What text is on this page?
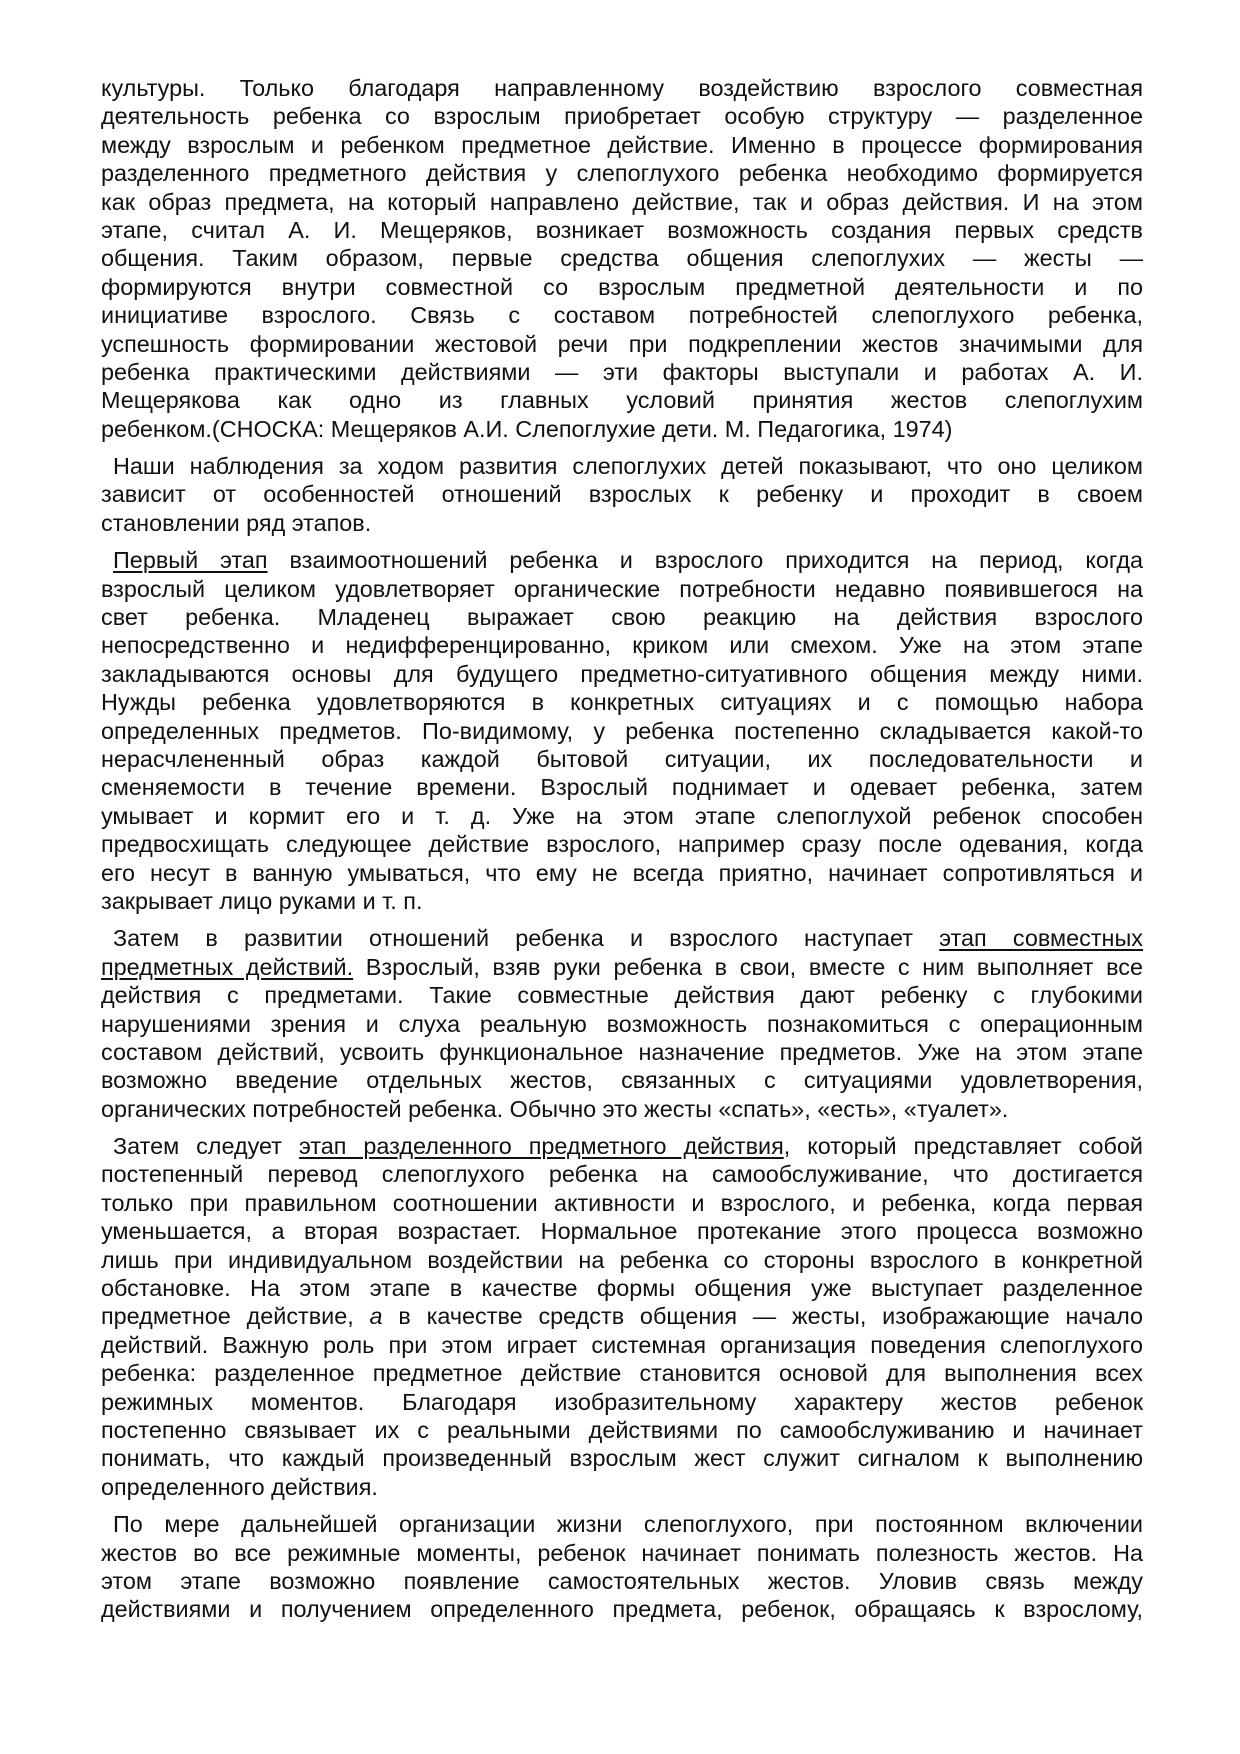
культуры. Только благодаря направленному воздействию взрослого совместная
деятельность ребенка со взрослым приобретает особую структуру — разделенное
между взрослым и ребенком предметное действие. Именно в процессе формирования
разделенного предметного действия у слепоглухого ребенка необходимо формируется
как образ предмета, на который направлено действие, так и образ действия. И на этом
этапе, считал А. И. Мещеряков, возникает возможность создания первых средств
общения. Таким образом, первые средства общения слепоглухих — жесты —
формируются внутри совместной со взрослым предметной деятельности и по
инициативе взрослого. Связь с составом потребностей слепоглухого ребенка,
успешность формировании жестовой речи при подкреплении жестов значимыми для
ребенка практическими действиями — эти факторы выступали и работах А. И.
Мещерякова как одно из главных условий принятия жестов слепоглухим
ребенком.(СНОСКА: Мещеряков А.И. Слепоглухие дети. М. Педагогика, 1974)

Наши наблюдения за ходом развития слепоглухих детей показывают, что оно целиком
зависит от особенностей отношений взрослых к ребенку и проходит в своем
становлении ряд этапов.

Первый этап взаимоотношений ребенка и взрослого приходится на период, когда
взрослый целиком удовлетворяет органические потребности недавно появившегося на
свет ребенка. Младенец выражает свою реакцию на действия взрослого
непосредственно и недифференцированно, криком или смехом. Уже на этом этапе
закладываются основы для будущего предметно-ситуативного общения между ними.
Нужды ребенка удовлетворяются в конкретных ситуациях и с помощью набора
определенных предметов. По-видимому, у ребенка постепенно складывается какой-то
нерасчлененный образ каждой бытовой ситуации, их последовательности и
сменяемости в течение времени. Взрослый поднимает и одевает ребенка, затем
умывает и кормит его и т. д. Уже на этом этапе слепоглухой ребенок способен
предвосхищать следующее действие взрослого, например сразу после одевания, когда
его несут в ванную умываться, что ему не всегда приятно, начинает сопротивляться и
закрывает лицо руками и т. п.

Затем в развитии отношений ребенка и взрослого наступает этап совместных
предметных действий. Взрослый, взяв руки ребенка в свои, вместе с ним выполняет все
действия с предметами. Такие совместные действия дают ребенку с глубокими
нарушениями зрения и слуха реальную возможность познакомиться с операционным
составом действий, усвоить функциональное назначение предметов. Уже на этом этапе
возможно введение отдельных жестов, связанных с ситуациями удовлетворения,
органических потребностей ребенка. Обычно это жесты «спать», «есть», «туалет».

Затем следует этап разделенного предметного действия, который представляет собой
постепенный перевод слепоглухого ребенка на самообслуживание, что достигается
только при правильном соотношении активности и взрослого, и ребенка, когда первая
уменьшается, а вторая возрастает. Нормальное протекание этого процесса возможно
лишь при индивидуальном воздействии на ребенка со стороны взрослого в конкретной
обстановке. На этом этапе в качестве формы общения уже выступает разделенное
предметное действие, а в качестве средств общения — жесты, изображающие начало
действий. Важную роль при этом играет системная организация поведения слепоглухого
ребенка: разделенное предметное действие становится основой для выполнения всех
режимных моментов. Благодаря изобразительному характеру жестов ребенок
постепенно связывает их с реальными действиями по самообслуживанию и начинает
понимать, что каждый произведенный взрослым жест служит сигналом к выполнению
определенного действия.

По мере дальнейшей организации жизни слепоглухого, при постоянном включении
жестов во все режимные моменты, ребенок начинает понимать полезность жестов. На
этом этапе возможно появление самостоятельных жестов. Уловив связь между
действиями и получением определенного предмета, ребенок, обращаясь к взрослому,
